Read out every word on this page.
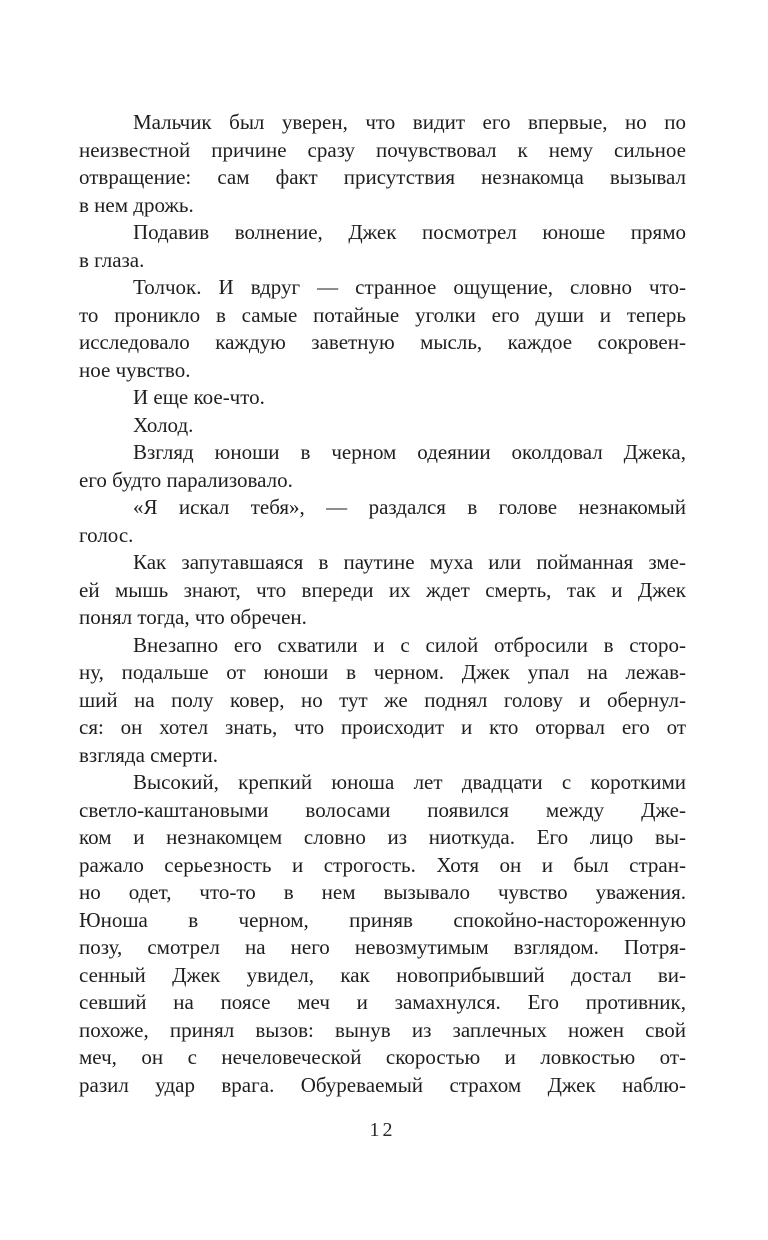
Мальчик был уверен, что видит его впервые, но по
неизвестной причине сразу почувствовал к нему сильное
отвращение: сам факт присутствия незнакомца вызывал
в нем дрожь.

Подавив волнение, Джек посмотрел юноше прямо
в глаза.

Толчок. И вдруг — странное ощущение, словно что-
то проникло в самые потайные уголки его души и теперь
исследовало каждую заветную мысль, каждое сокровен-
ное чувство.

И еще кое-что.

Холод.

Взгляд юноши в черном одеянии околдовал Джека,
его будто парализовало.

«Я искал тебя», — раздался в голове незнакомый
голос.

Как запутавшаяся в паутине муха или пойманная зме-
ей мышь знают, что впереди их ждет смерть, так и Джек
понял тогда, что обречен.

Внезапно его схватили и с силой отбросили в сторо-
ну, подальше от юноши в черном. Джек упал на лежав-
ший на полу ковер, но тут же поднял голову и обернул-
ся: он хотел знать, что происходит и кто оторвал его от
взгляда смерти.

Высокий, крепкий юноша лет двадцати с короткими
светло-каштановыми волосами появился между Дже-
ком и незнакомцем словно из ниоткуда. Его лицо вы-
ражало серьезность и строгость. Хотя он и был стран-
но одет, что-то в нем вызывало чувство уважения.
Юноша в черном, приняв спокойно-настороженную
позу, смотрел на него невозмутимым взглядом. Потря-
сенный Джек увидел, как новоприбывший достал ви-
севший на поясе меч и замахнулся. Его противник,
похоже, принял вызов: вынув из заплечных ножен свой
меч, он с нечеловеческой скоростью и ловкостью от-
разил удар врага. Обуреваемый страхом Джек наблю-

12
